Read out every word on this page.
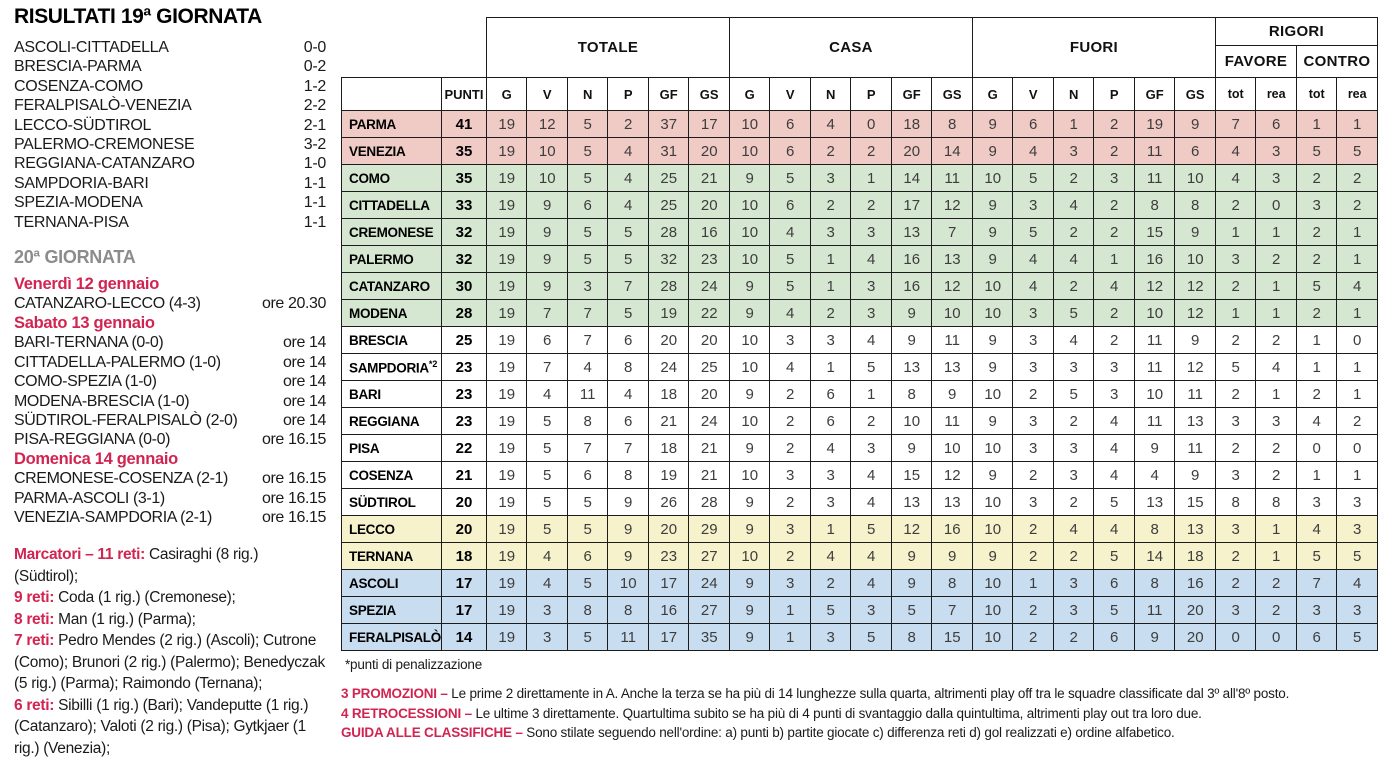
RISULTATI 19ª GIORNATA
ASCOLI-CITTADELLA	0-0
BRESCIA-PARMA	0-2
COSENZA-COMO	1-2
FERALPISALÒ-VENEZIA	2-2
LECCO-SÜDTIROL	2-1
PALERMO-CREMONESE	3-2
REGGIANA-CATANZARO	1-0
SAMPDORIA-BARI	1-1
SPEZIA-MODENA	1-1
TERNANA-PISA	1-1
20ª GIORNATA
Venerdì 12 gennaio
CATANZARO-LECCO (4-3)	ore 20.30
Sabato 13 gennaio
BARI-TERNANA (0-0)	ore 14
CITTADELLA-PALERMO (1-0)	ore 14
COMO-SPEZIA (1-0)	ore 14
MODENA-BRESCIA (1-0)	ore 14
SÜDTIROL-FERALPISALÒ (2-0)	ore 14
PISA-REGGIANA (0-0)	ore 16.15
Domenica 14 gennaio
CREMONESE-COSENZA (2-1) ore 16.15
PARMA-ASCOLI (3-1)	ore 16.15
VENEZIA-SAMPDORIA (2-1)	ore 16.15
Marcatori – 11 reti: Casiraghi (8 rig.) (Südtirol);
9 reti: Coda (1 rig.) (Cremonese);
8 reti: Man (1 rig.) (Parma);
7 reti: Pedro Mendes (2 rig.) (Ascoli); Cutrone (Como); Brunori (2 rig.) (Palermo); Benedyczak (5 rig.) (Parma); Raimondo (Ternana);
6 reti: Sibilli (1 rig.) (Bari); Vandeputte (1 rig.) (Catanzaro); Valoti (2 rig.) (Pisa); Gytkjaer (1 rig.) (Venezia);
		TOTALE						CASA						FUORI						RIGORI			
																				FAVORE		CONTRO	
	PUNTI	G	V	N	P	GF	GS	G	V	N	P	GF	GS	G	V	N	P	GF	GS	tot	rea	tot	rea
PARMA	41	19	12	5	2	37	17	10	6	4	0	18	8	9	6	1	2	19	9	7	6	1	1
VENEZIA	35	19	10	5	4	31	20	10	6	2	2	20	14	9	4	3	2	11	6	4	3	5	5
COMO	35	19	10	5	4	25	21	9	5	3	1	14	11	10	5	2	3	11	10	4	3	2	2
CITTADELLA	33	19	9	6	4	25	20	10	6	2	2	17	12	9	3	4	2	8	8	2	0	3	2
CREMONESE	32	19	9	5	5	28	16	10	4	3	3	13	7	9	5	2	2	15	9	1	1	2	1
PALERMO	32	19	9	5	5	32	23	10	5	1	4	16	13	9	4	4	1	16	10	3	2	2	1
CATANZARO	30	19	9	3	7	28	24	9	5	1	3	16	12	10	4	2	4	12	12	2	1	5	4
MODENA	28	19	7	7	5	19	22	9	4	2	3	9	10	10	3	5	2	10	12	1	1	2	1
BRESCIA	25	19	6	7	6	20	20	10	3	3	4	9	11	9	3	4	2	11	9	2	2	1	0
SAMPDORIA$^{*2}$	23	19	7	4	8	24	25	10	4	1	5	13	13	9	3	3	3	11	12	5	4	1	1
BARI	23	19	4	11	4	18	20	9	2	6	1	8	9	10	2	5	3	10	11	2	1	2	1
REGGIANA	23	19	5	8	6	21	24	10	2	6	2	10	11	9	3	2	4	11	13	3	3	4	2
PISA	22	19	5	7	7	18	21	9	2	4	3	9	10	10	3	3	4	9	11	2	2	0	0
COSENZA	21	19	5	6	8	19	21	10	3	3	4	15	12	9	2	3	4	4	9	3	2	1	1
SÜDTIROL	20	19	5	5	9	26	28	9	2	3	4	13	13	10	3	2	5	13	15	8	8	3	3
LECCO	20	19	5	5	9	20	29	9	3	1	5	12	16	10	2	4	4	8	13	3	1	4	3
TERNANA	18	19	4	6	9	23	27	10	2	4	4	9	9	9	2	2	5	14	18	2	1	5	5
ASCOLI	17	19	4	5	10	17	24	9	3	2	4	9	8	10	1	3	6	8	16	2	2	7	4
SPEZIA	17	19	3	8	8	16	27	9	1	5	3	5	7	10	2	3	5	11	20	3	2	3	3
FERALPISALÒ	14	19	3	5	11	17	35	9	1	3	5	8	15	10	2	2	6	9	20	0	0	6	5
*punti di penalizzazione
3 PROMOZIONI – Le prime 2 direttamente in A. Anche la terza se ha più di 14 lunghezze sulla quarta, altrimenti play off tra le squadre classificate dal 3º all'8º posto.
4 RETROCESSIONI – Le ultime 3 direttamente. Quartultima subito se ha più di 4 punti di svantaggio dalla quintultima, altrimenti play out tra loro due.
GUIDA ALLE CLASSIFICHE – Sono stilate seguendo nell'ordine: a) punti b) partite giocate c) differenza reti d) gol realizzati e) ordine alfabetico.
